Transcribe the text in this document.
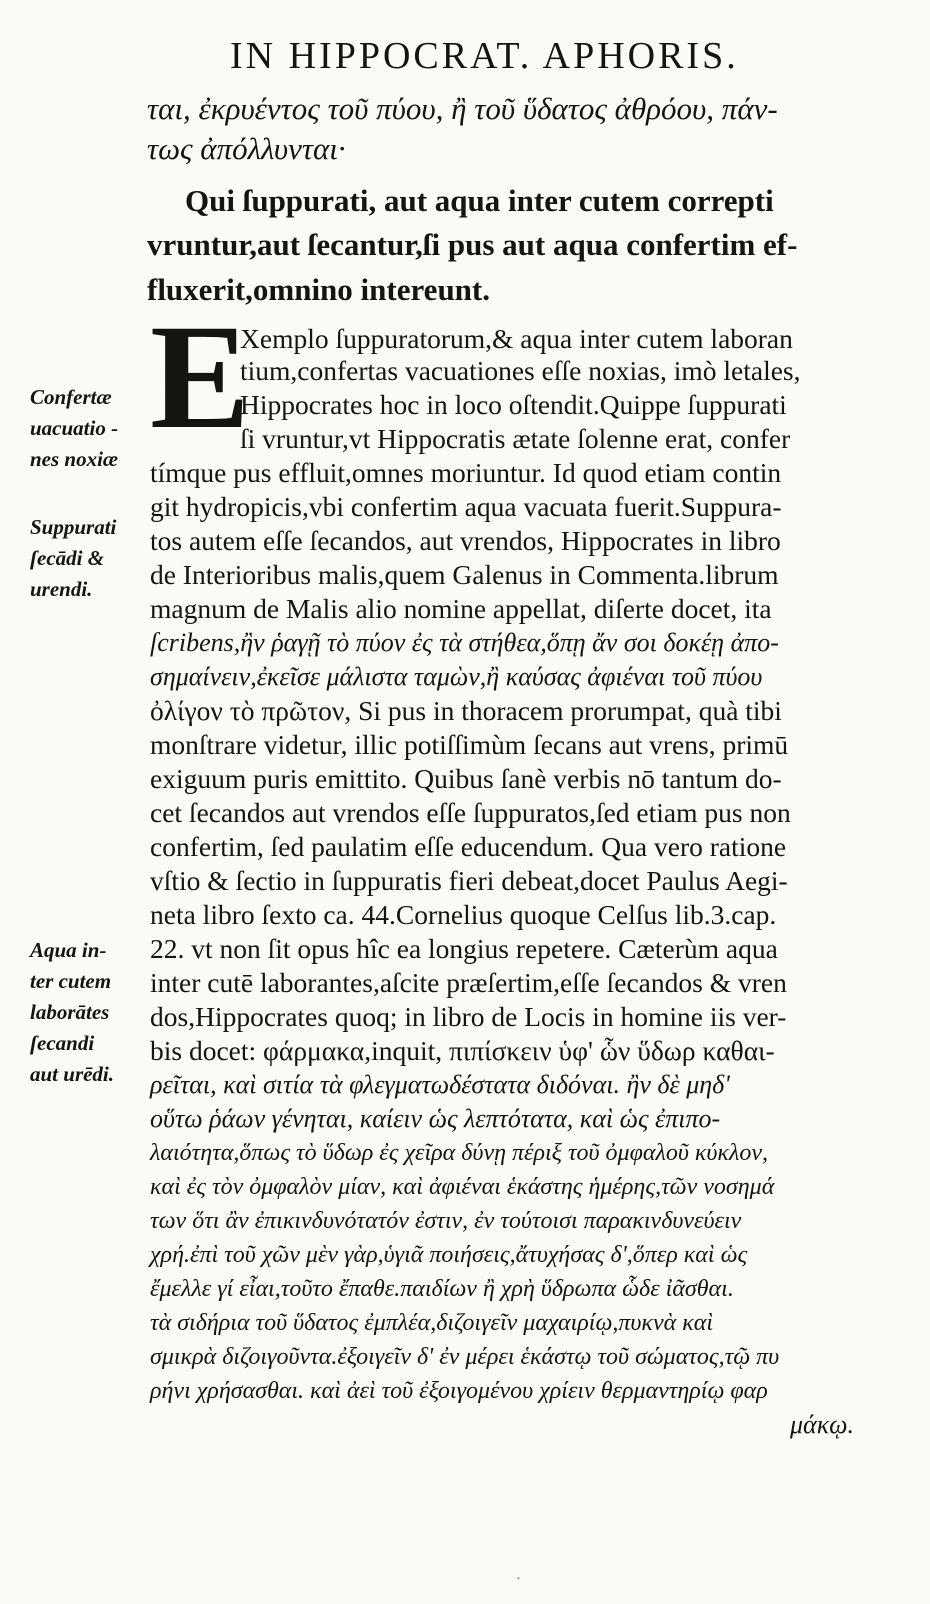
IN HIPPOCRAT. APHORIS.
ται, ἐκρυέντος τοῦ πύου, ἢ τοῦ ὕδατος ἀθρόου, πάν-
τως ἀπόλλυνται·
Qui ſuppurati, aut aqua inter cutem correpti
vruntur,aut ſecantur,ſi pus aut aqua confertim ef-
fluxerit,omnino intereunt.
E
Xemplo ſuppuratorum,& aqua inter cutem laboran
tium,confertas vacuationes eſſe noxias, imò letales,
Hippocrates hoc in loco oſtendit.Quippe ſuppurati
ſi vruntur,vt Hippocratis ætate ſolenne erat, confer
tímque pus effluit,omnes moriuntur. Id quod etiam contin
git hydropicis,vbi confertim aqua vacuata fuerit.Suppura-
tos autem eſſe ſecandos, aut vrendos, Hippocrates in libro
de Interioribus malis,quem Galenus in Commenta.librum
magnum de Malis alio nomine appellat, diſerte docet, ita
ſcribens,ἢν ῥαγῇ τὸ πύον ἐς τὰ στήθεα,ὅπῃ ἄν σοι δοκέῃ ἀπο-
σημαίνειν,ἐκεῖσε μάλιστα ταμὼν,ἢ καύσας ἀφιέναι τοῦ πύου
ὀλίγον τὸ πρῶτον, Si pus in thoracem prorumpat, quà tibi
monſtrare videtur, illic potiſſimùm ſecans aut vrens, primū
exiguum puris emittito. Quibus ſanè verbis nō tantum do-
cet ſecandos aut vrendos eſſe ſuppuratos,ſed etiam pus non
confertim, ſed paulatim eſſe educendum. Qua vero ratione
vſtio & ſectio in ſuppuratis fieri debeat,docet Paulus Aegi-
neta libro ſexto ca. 44.Cornelius quoque Celſus lib.3.cap.
22. vt non ſit opus hîc ea longius repetere. Cæterùm aqua
inter cutē laborantes,aſcite præſertim,eſſe ſecandos & vren
dos,Hippocrates quoq; in libro de Locis in homine iis ver-
bis docet: φάρμακα,inquit, πιπίσκειν ὑφ' ὧν ὕδωρ καθαι-
ρεῖται, καὶ σιτία τὰ φλεγματωδέστατα διδόναι. ἢν δὲ μηδ'
οὕτω ῥάων γένηται, καίειν ὡς λεπτότατα, καὶ ὡς ἐπιπο-
λαιότητα,ὅπως τὸ ὕδωρ ἐς χεῖρα δύνῃ πέριξ τοῦ ὀμφαλοῦ κύκλον,
καὶ ἐς τὸν ὀμφαλὸν μίαν, καὶ ἀφιέναι ἑκάστης ἡμέρης,τῶν νοσημά
των ὅτι ἂν ἐπικινδυνότατόν ἐστιν, ἐν τούτοισι παρακινδυνεύειν
χρή.ἐπὶ τοῦ χῶν μὲν γὰρ,ὑγιᾶ ποιήσεις,ἄτυχήσας δ',ὅπερ καὶ ὡς
ἔμελλε γί εἶαι,τοῦτο ἔπαθε.παιδίων ἢ χρὴ ὕδρωπα ὧδε ἰᾶσθαι.
τὰ σιδήρια τοῦ ὕδατος ἐμπλέα,διζοιγεῖν μαχαιρίῳ,πυκνὰ καὶ
σμικρὰ διζοιγοῦντα.ἐξοιγεῖν δ' ἐν μέρει ἑκάστῳ τοῦ σώματος,τῷ πυ
ρήνι χρήσασθαι. καὶ ἀεὶ τοῦ ἐξοιγομένου χρίειν θερμαντηρίῳ φαρ
μάκῳ.
Confertæ
uacuatio -
nes noxiæ
Suppurati
ſecādi &
urendi.
Aqua in-
ter cutem
laborātes
ſecandi
aut urēdi.
·
